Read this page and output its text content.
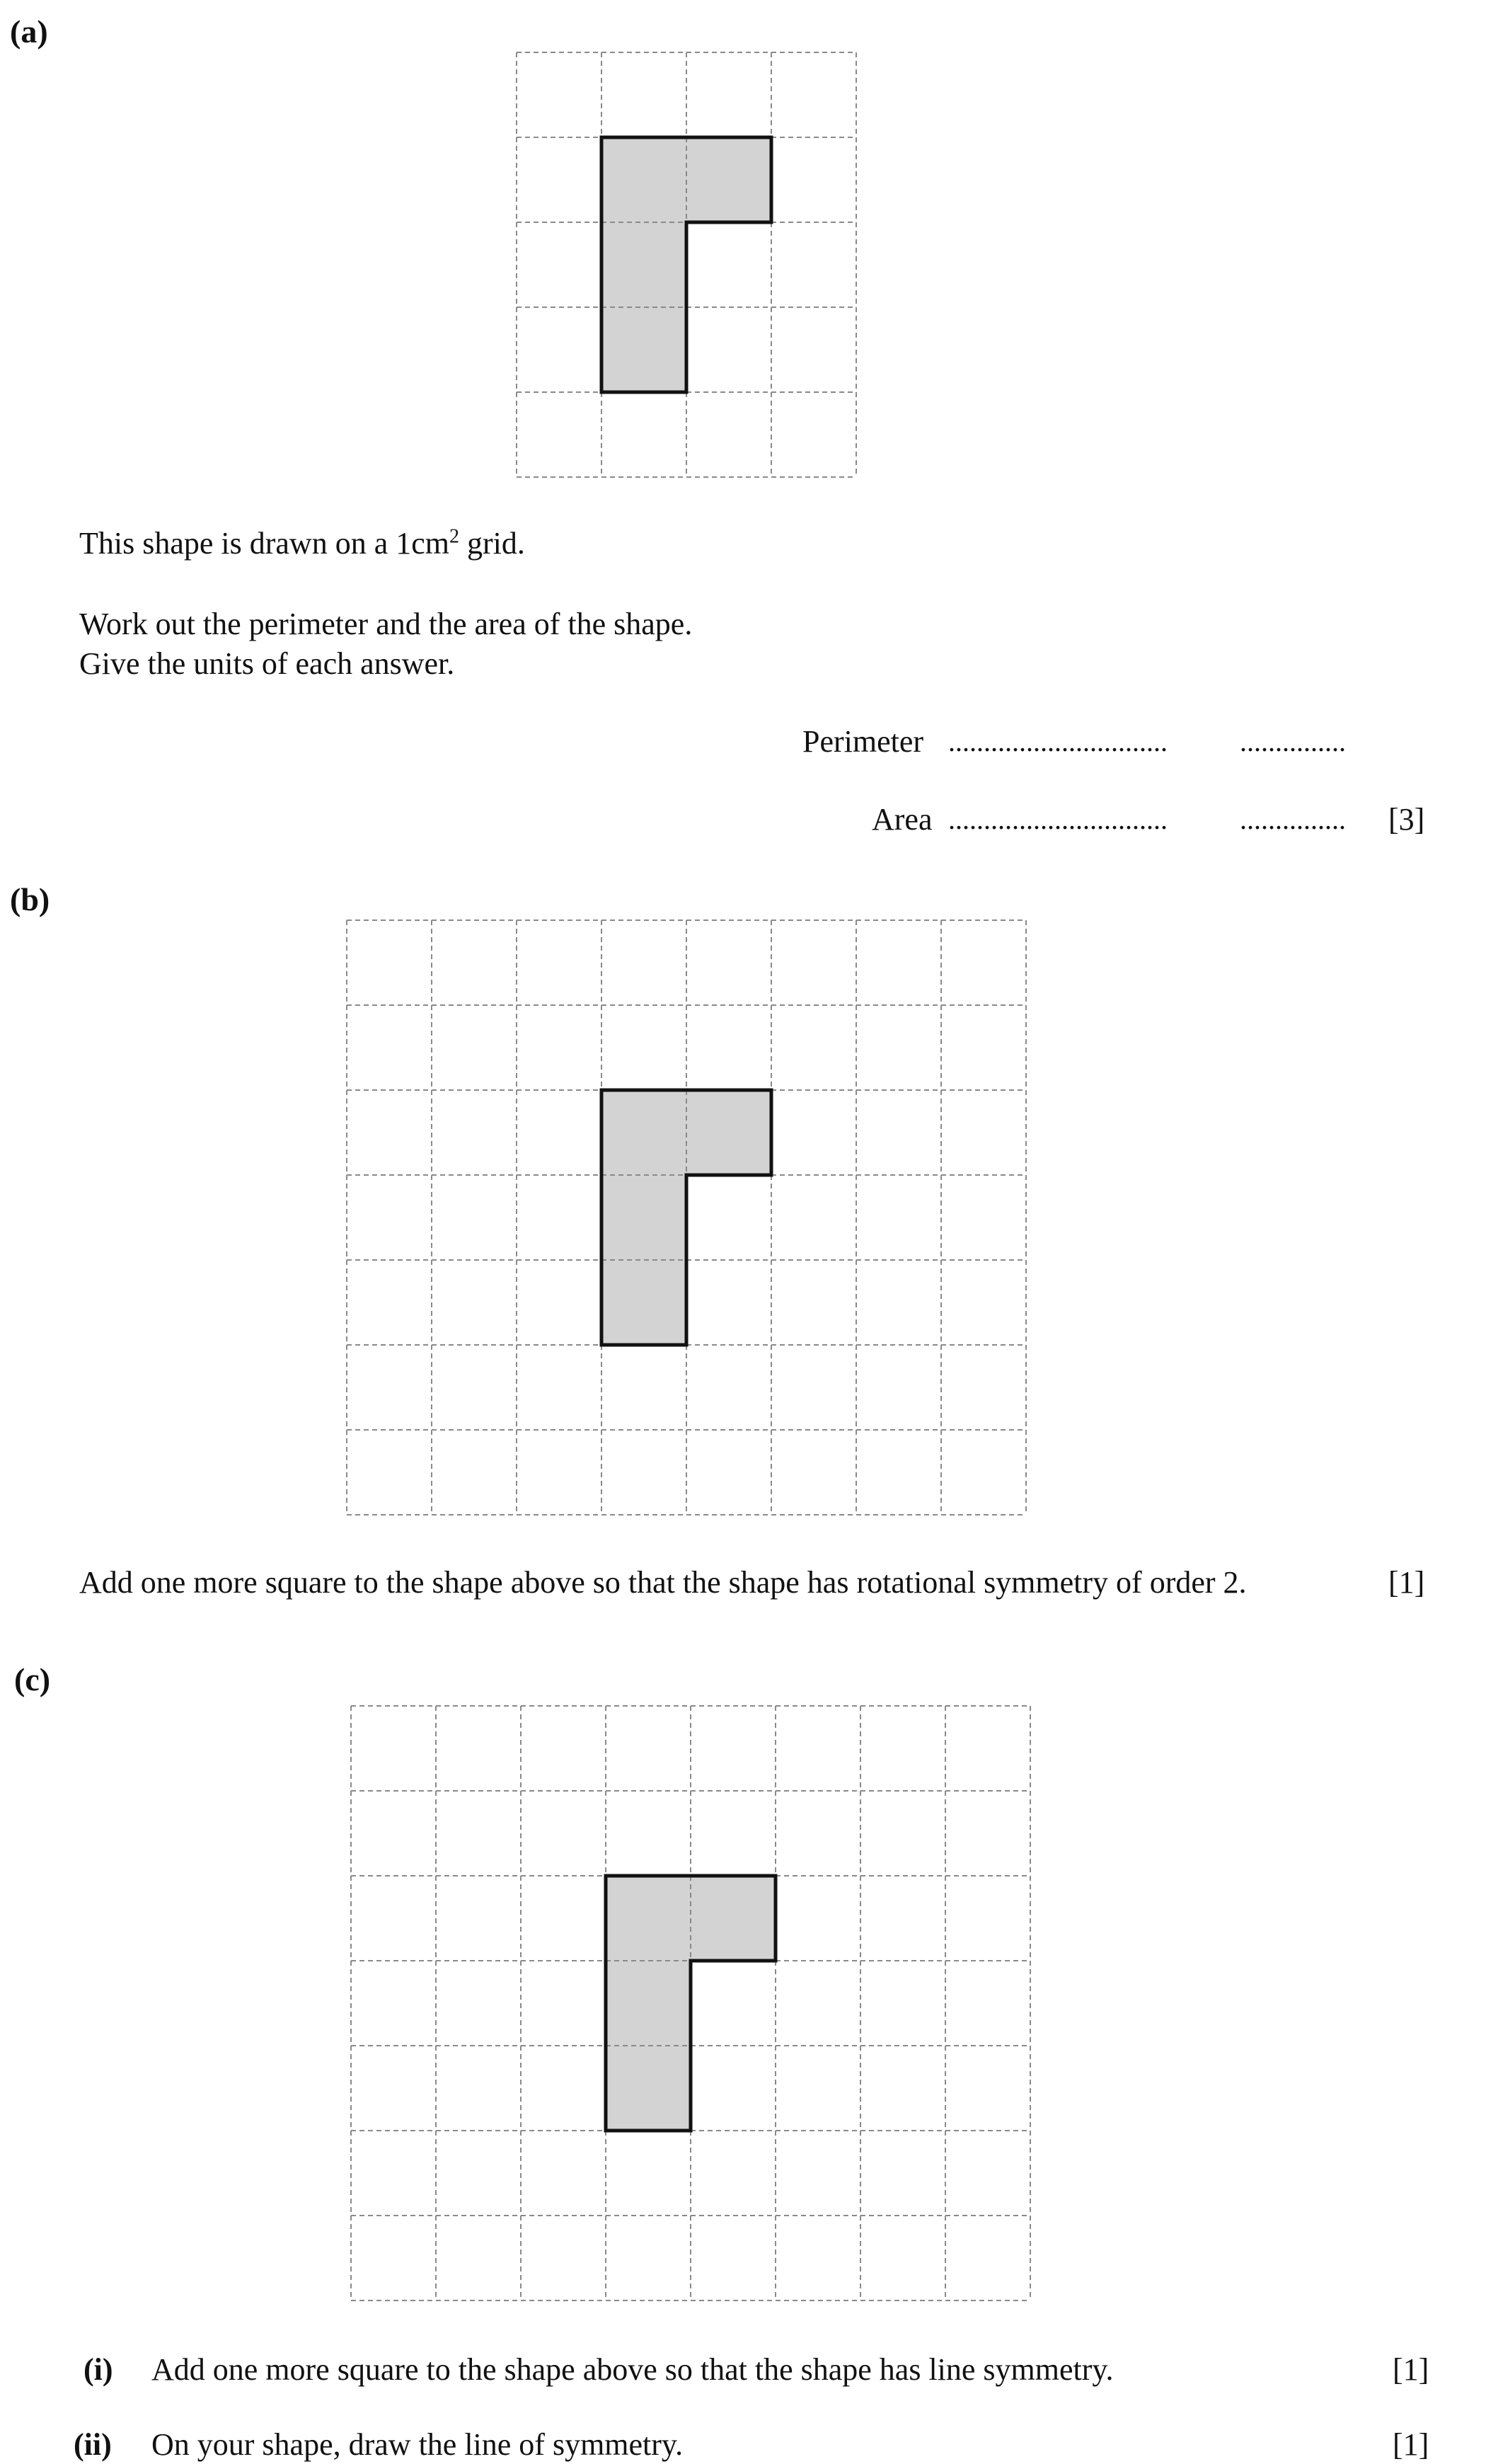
(a)
This shape is drawn on a $1cm^2$ grid.
Work out the perimeter and the area of the shape.
Give the units of each answer.
Perimeter ...............................	...............
Area ...............................	............... [3]
(b)
Add one more square to the shape above so that the shape has rotational symmetry of order 2.	[1]
(c)
(i) Add one more square to the shape above so that the shape has line symmetry.	[1]
(ii) On your shape, draw the line of symmetry.	[1]
